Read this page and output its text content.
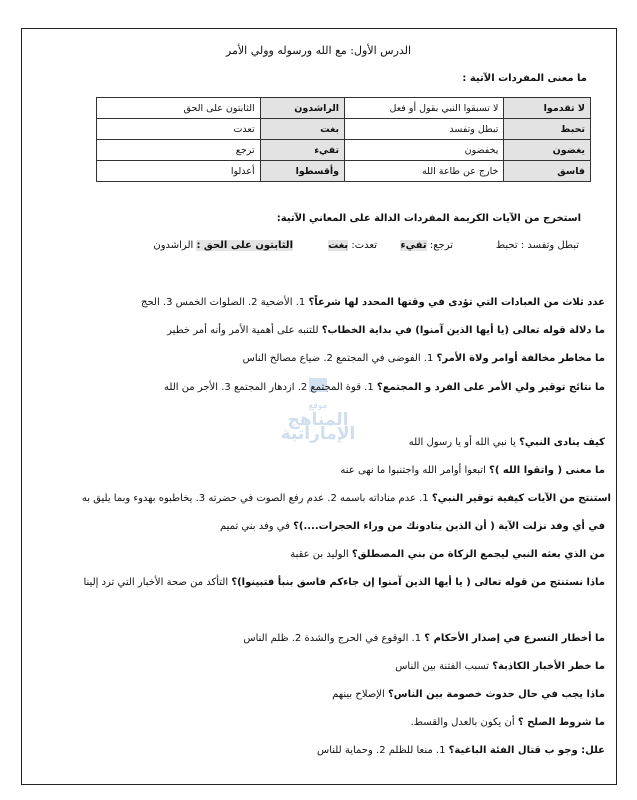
الدرس الأول: مع الله ورسوله وولي الأمر
ما معنى المفردات الآتية :
لا تقدموا	لا تسبقوا النبي بقول أو فعل	الراشدون	الثابتون على الحق
تحبط	تبطل وتفسد	بغت	تعدت
يغضون	يخفضون	تفيء	ترجع
فاسق	خارج عن طاعة الله	وأقسطوا	أعدلوا
استخرج من الآيات الكريمة المفردات الدالة على المعاني الآتية:
تبطل وتفسد : تحبط
ترجع: تفيء
تعدت: بغت
الثابتون على الحق : الراشدون
موقع
المناهج الإماراتية
عدد ثلاث من العبادات التي تؤدى في وقتها المحدد لها شرعاً؟ 1. الأضحية 2. الصلوات الخمس 3. الحج
ما دلالة قوله تعالى (يا أيها الذين آمنوا) في بداية الخطاب؟ للتنبه على أهمية الأمر وأنه أمر خطير
ما مخاطر مخالفة أوامر ولاة الأمر؟ 1. الفوضى في المجتمع 2. ضياع مصالح الناس
ما نتائج توقير ولي الأمر على الفرد و المجتمع؟ 1. قوة المجتمع 2. ازدهار المجتمع 3. الأجر من الله
كيف ينادى النبي؟ يا نبي الله أو يا رسول الله
ما معنى ( واتقوا الله )؟ اتبعوا أوامر الله واجتنبوا ما نهى عنه
استنتج من الآيات كيفية توقير النبي؟ 1. عدم مناداته باسمه 2. عدم رفع الصوت في حضرته 3. يخاطبوه بهدوء وبما يليق به
في أي وفد نزلت الآية ( أن الذين ينادونك من وراء الحجرات....)؟ في وفد بني تميم
من الذي بعثه النبي ليجمع الزكاة من بني المصطلق؟ الوليد بن عقبة
ماذا نستنتج من قوله تعالى ( يا أيها الذين آمنوا إن جاءكم فاسق بنبأ فتبينوا)؟ التأكد من صحة الأخبار التي ترد إلينا
ما أخطار التسرع في إصدار الأحكام ؟ 1. الوقوع في الحرج والشدة 2. ظلم الناس
ما خطر الأخبار الكاذبة؟ تسبب الفتنة بين الناس
ماذا يجب في حال حدوث خصومة بين الناس؟ الإصلاح بينهم
ما شروط الصلح ؟ أن يكون بالعدل والقسط.
علل: وجو ب قتال الفئة الباغية؟ 1. منعا للظلم 2. وحماية للناس
